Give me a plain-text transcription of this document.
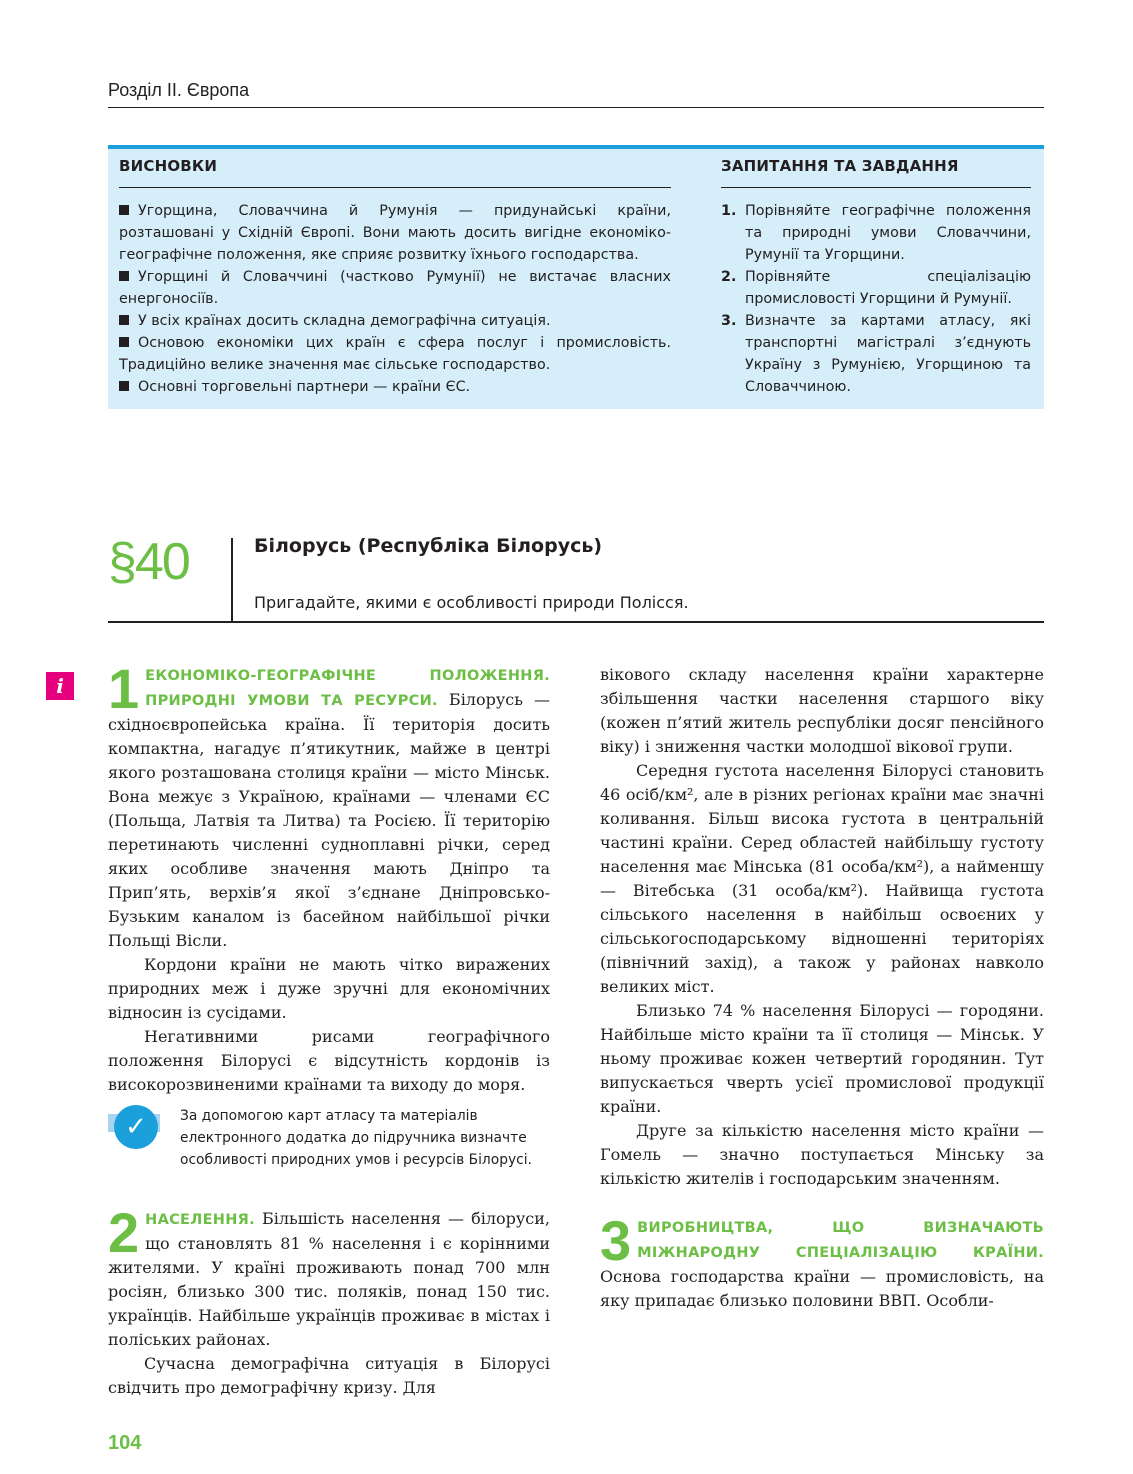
Розділ ІІ. Європа
ВИСНОВКИ
Угорщина, Словаччина й Румунія — придунайські країни, розташовані у Східній Європі. Вони мають досить вигідне економіко-географічне положення, яке сприяє розвитку їхнього господарства.
Угорщині й Словаччині (частково Румунії) не вистачає власних енергоносіїв.
У всіх країнах досить складна демографічна ситуація.
Основою економіки цих країн є сфера послуг і промисловість. Традиційно велике значення має сільське господарство.
Основні торговельні партнери — країни ЄС.
ЗАПИТАННЯ ТА ЗАВДАННЯ
1. Порівняйте географічне положення та природні умови Словаччини, Румунії та Угорщини.
2. Порівняйте спеціалізацію промисловості Угорщини й Румунії.
3. Визначте за картами атласу, які транспортні магістралі з’єднують Україну з Румунією, Угорщиною та Словаччиною.
§40	Білорусь (Республіка Білорусь)
Пригадайте, якими є особливості природи Полісся.
i 1 ЕКОНОМІКО-ГЕОГРАФІЧНЕ ПОЛОЖЕННЯ. ПРИРОДНІ УМОВИ ТА РЕСУРСИ. Білорусь — східноєвропейська країна. Її територія досить компактна, нагадує п’ятикутник, майже в центрі якого розташована столиця країни — місто Мінськ. Вона межує з Україною, країнами — членами ЄС (Польща, Латвія та Литва) та Росією. Її територію перетинають численні судноплавні річки, серед яких особливе значення мають Дніпро та Прип’ять, верхів’я якої з’єднане Дніпровсько-Бузьким каналом із басейном найбільшої річки Польщі Вісли.

Кордони країни не мають чітко виражених природних меж і дуже зручні для економічних відносин із сусідами.

Негативними рисами географічного положення Білорусі є відсутність кордонів із високорозвиненими країнами та виходу до моря.

✓	За допомогою карт атласу та матеріалів електронного додатка до підручника визначте особливості природних умов і ресурсів Білорусі.

2 НАСЕЛЕННЯ. Більшість населення — білоруси, що становлять 81 % населення і є корінними жителями. У країні проживають понад 700 млн росіян, близько 300 тис. поляків, понад 150 тис. українців. Найбільше українців проживає в містах і поліських районах.

Сучасна демографічна ситуація в Білорусі свідчить про демографічну кризу. Для

вікового складу населення країни характерне збільшення частки населення старшого віку (кожен п’ятий житель республіки досяг пенсійного віку) і зниження частки молодшої вікової групи.

Середня густота населення Білорусі становить 46 осіб/км², але в різних регіонах країни має значні коливання. Більш висока густота в центральній частині країни. Серед областей найбільшу густоту населення має Мінська (81 особа/км²), а найменшу — Вітебська (31 особа/км²). Найвища густота сільського населення в найбільш освоєних у сільськогосподарському відношенні територіях (північний захід), а також у районах навколо великих міст.

Близько 74 % населення Білорусі — городяни. Найбільше місто країни та її столиця — Мінськ. У ньому проживає кожен четвертий городянин. Тут випускається чверть усієї промислової продукції країни.

Друге за кількістю населення місто країни — Гомель — значно поступається Мінську за кількістю жителів і господарським значенням.

3 ВИРОБНИЦТВА, ЩО ВИЗНАЧАЮТЬ МІЖНАРОДНУ СПЕЦІАЛІЗАЦІЮ КРАЇНИ. Основа господарства країни — промисловість, на яку припадає близько половини ВВП. Особли-

104
